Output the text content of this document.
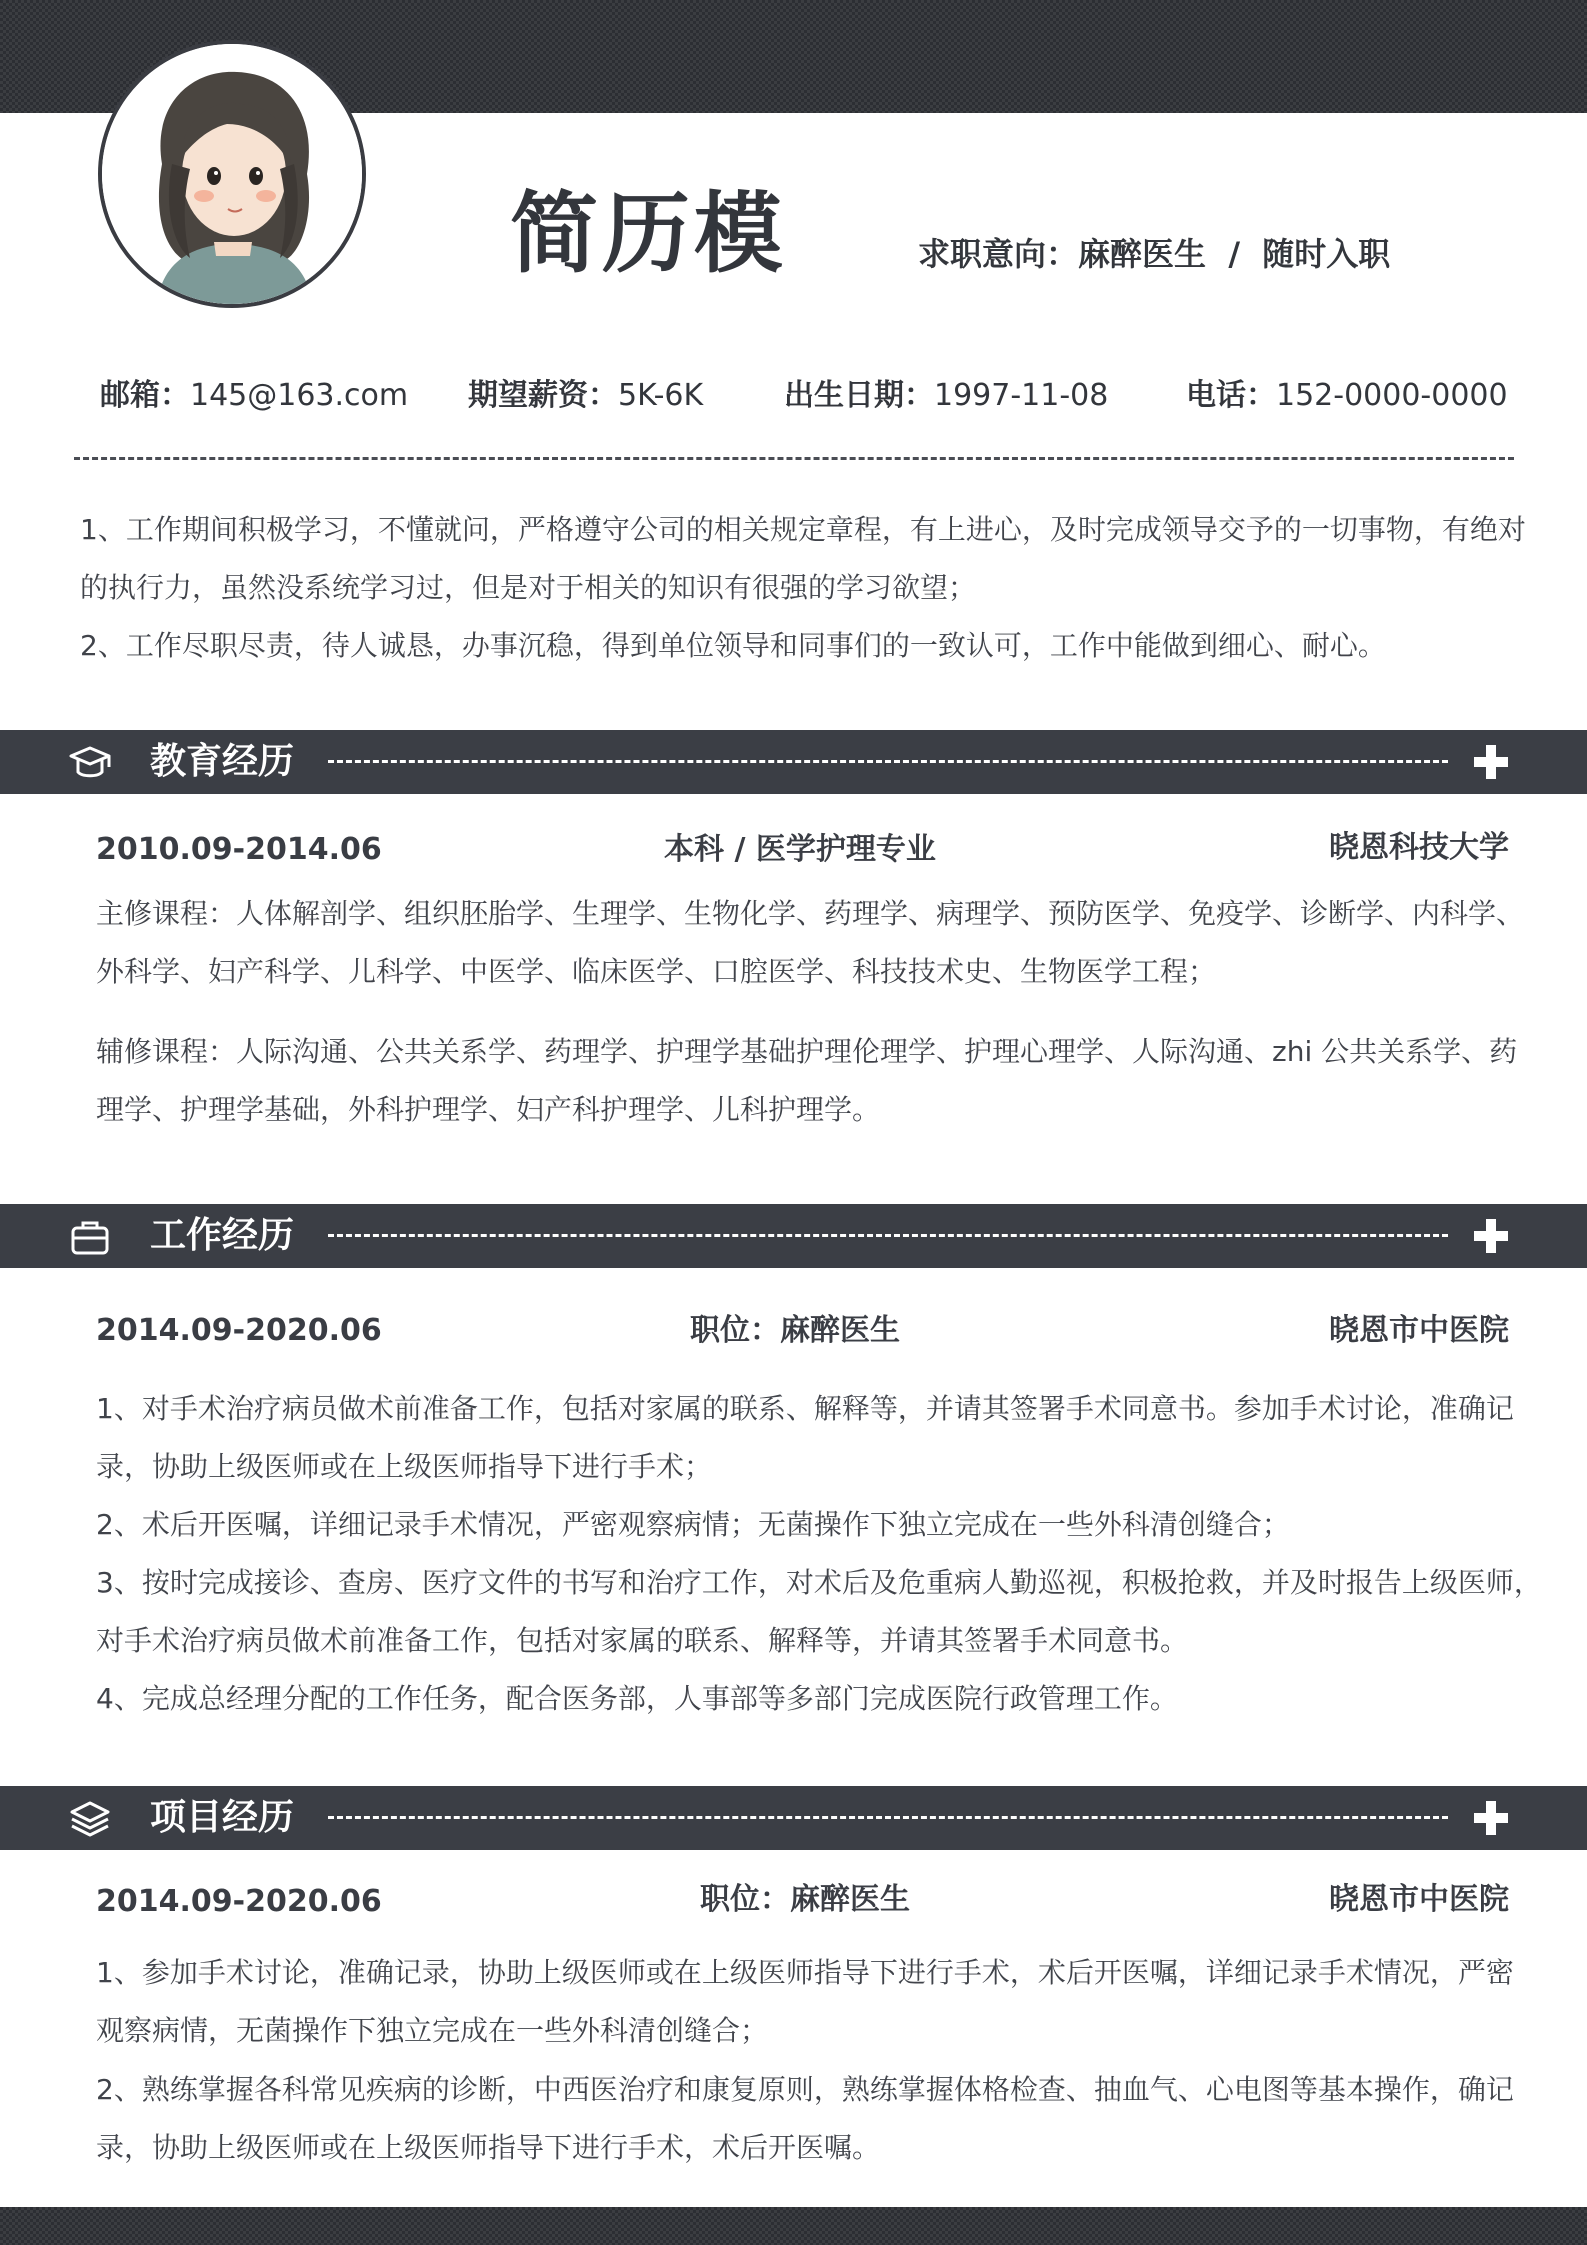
简历模	求职意向：麻醉医生 / 随时入职
邮箱：145@163.com 期望薪资：5K-6K	出生日期：1997-11-08	电话：152-0000-0000
1、工作期间积极学习，不懂就问，严格遵守公司的相关规定章程，有上进心，及时完成领导交予的一切事物，有绝对
的执行力，虽然没系统学习过，但是对于相关的知识有很强的学习欲望；
2、工作尽职尽责，待人诚恳，办事沉稳，得到单位领导和同事们的一致认可，工作中能做到细心、耐心。
教育经历
2010.09-2014.06	本科 / 医学护理专业	晓恩科技大学
主修课程：人体解剖学、组织胚胎学、生理学、生物化学、药理学、病理学、预防医学、免疫学、诊断学、内科学、
外科学、妇产科学、儿科学、中医学、临床医学、口腔医学、科技技术史、生物医学工程；
辅修课程：人际沟通、公共关系学、药理学、护理学基础护理伦理学、护理心理学、人际沟通、zhi 公共关系学、药
理学、护理学基础，外科护理学、妇产科护理学、儿科护理学。
工作经历
2014.09-2020.06	职位：麻醉医生	晓恩市中医院
1、对手术治疗病员做术前准备工作，包括对家属的联系、解释等，并请其签署手术同意书。参加手术讨论，准确记
录，协助上级医师或在上级医师指导下进行手术；
2、术后开医嘱，详细记录手术情况，严密观察病情；无菌操作下独立完成在一些外科清创缝合；
3、按时完成接诊、查房、医疗文件的书写和治疗工作，对术后及危重病人勤巡视，积极抢救，并及时报告上级医师，
对手术治疗病员做术前准备工作，包括对家属的联系、解释等，并请其签署手术同意书。
4、完成总经理分配的工作任务，配合医务部，人事部等多部门完成医院行政管理工作。
项目经历
2014.09-2020.06	职位：麻醉医生	晓恩市中医院
1、参加手术讨论，准确记录，协助上级医师或在上级医师指导下进行手术，术后开医嘱，详细记录手术情况，严密
观察病情，无菌操作下独立完成在一些外科清创缝合；
2、熟练掌握各科常见疾病的诊断，中西医治疗和康复原则，熟练掌握体格检查、抽血气、心电图等基本操作，确记
录，协助上级医师或在上级医师指导下进行手术，术后开医嘱。
